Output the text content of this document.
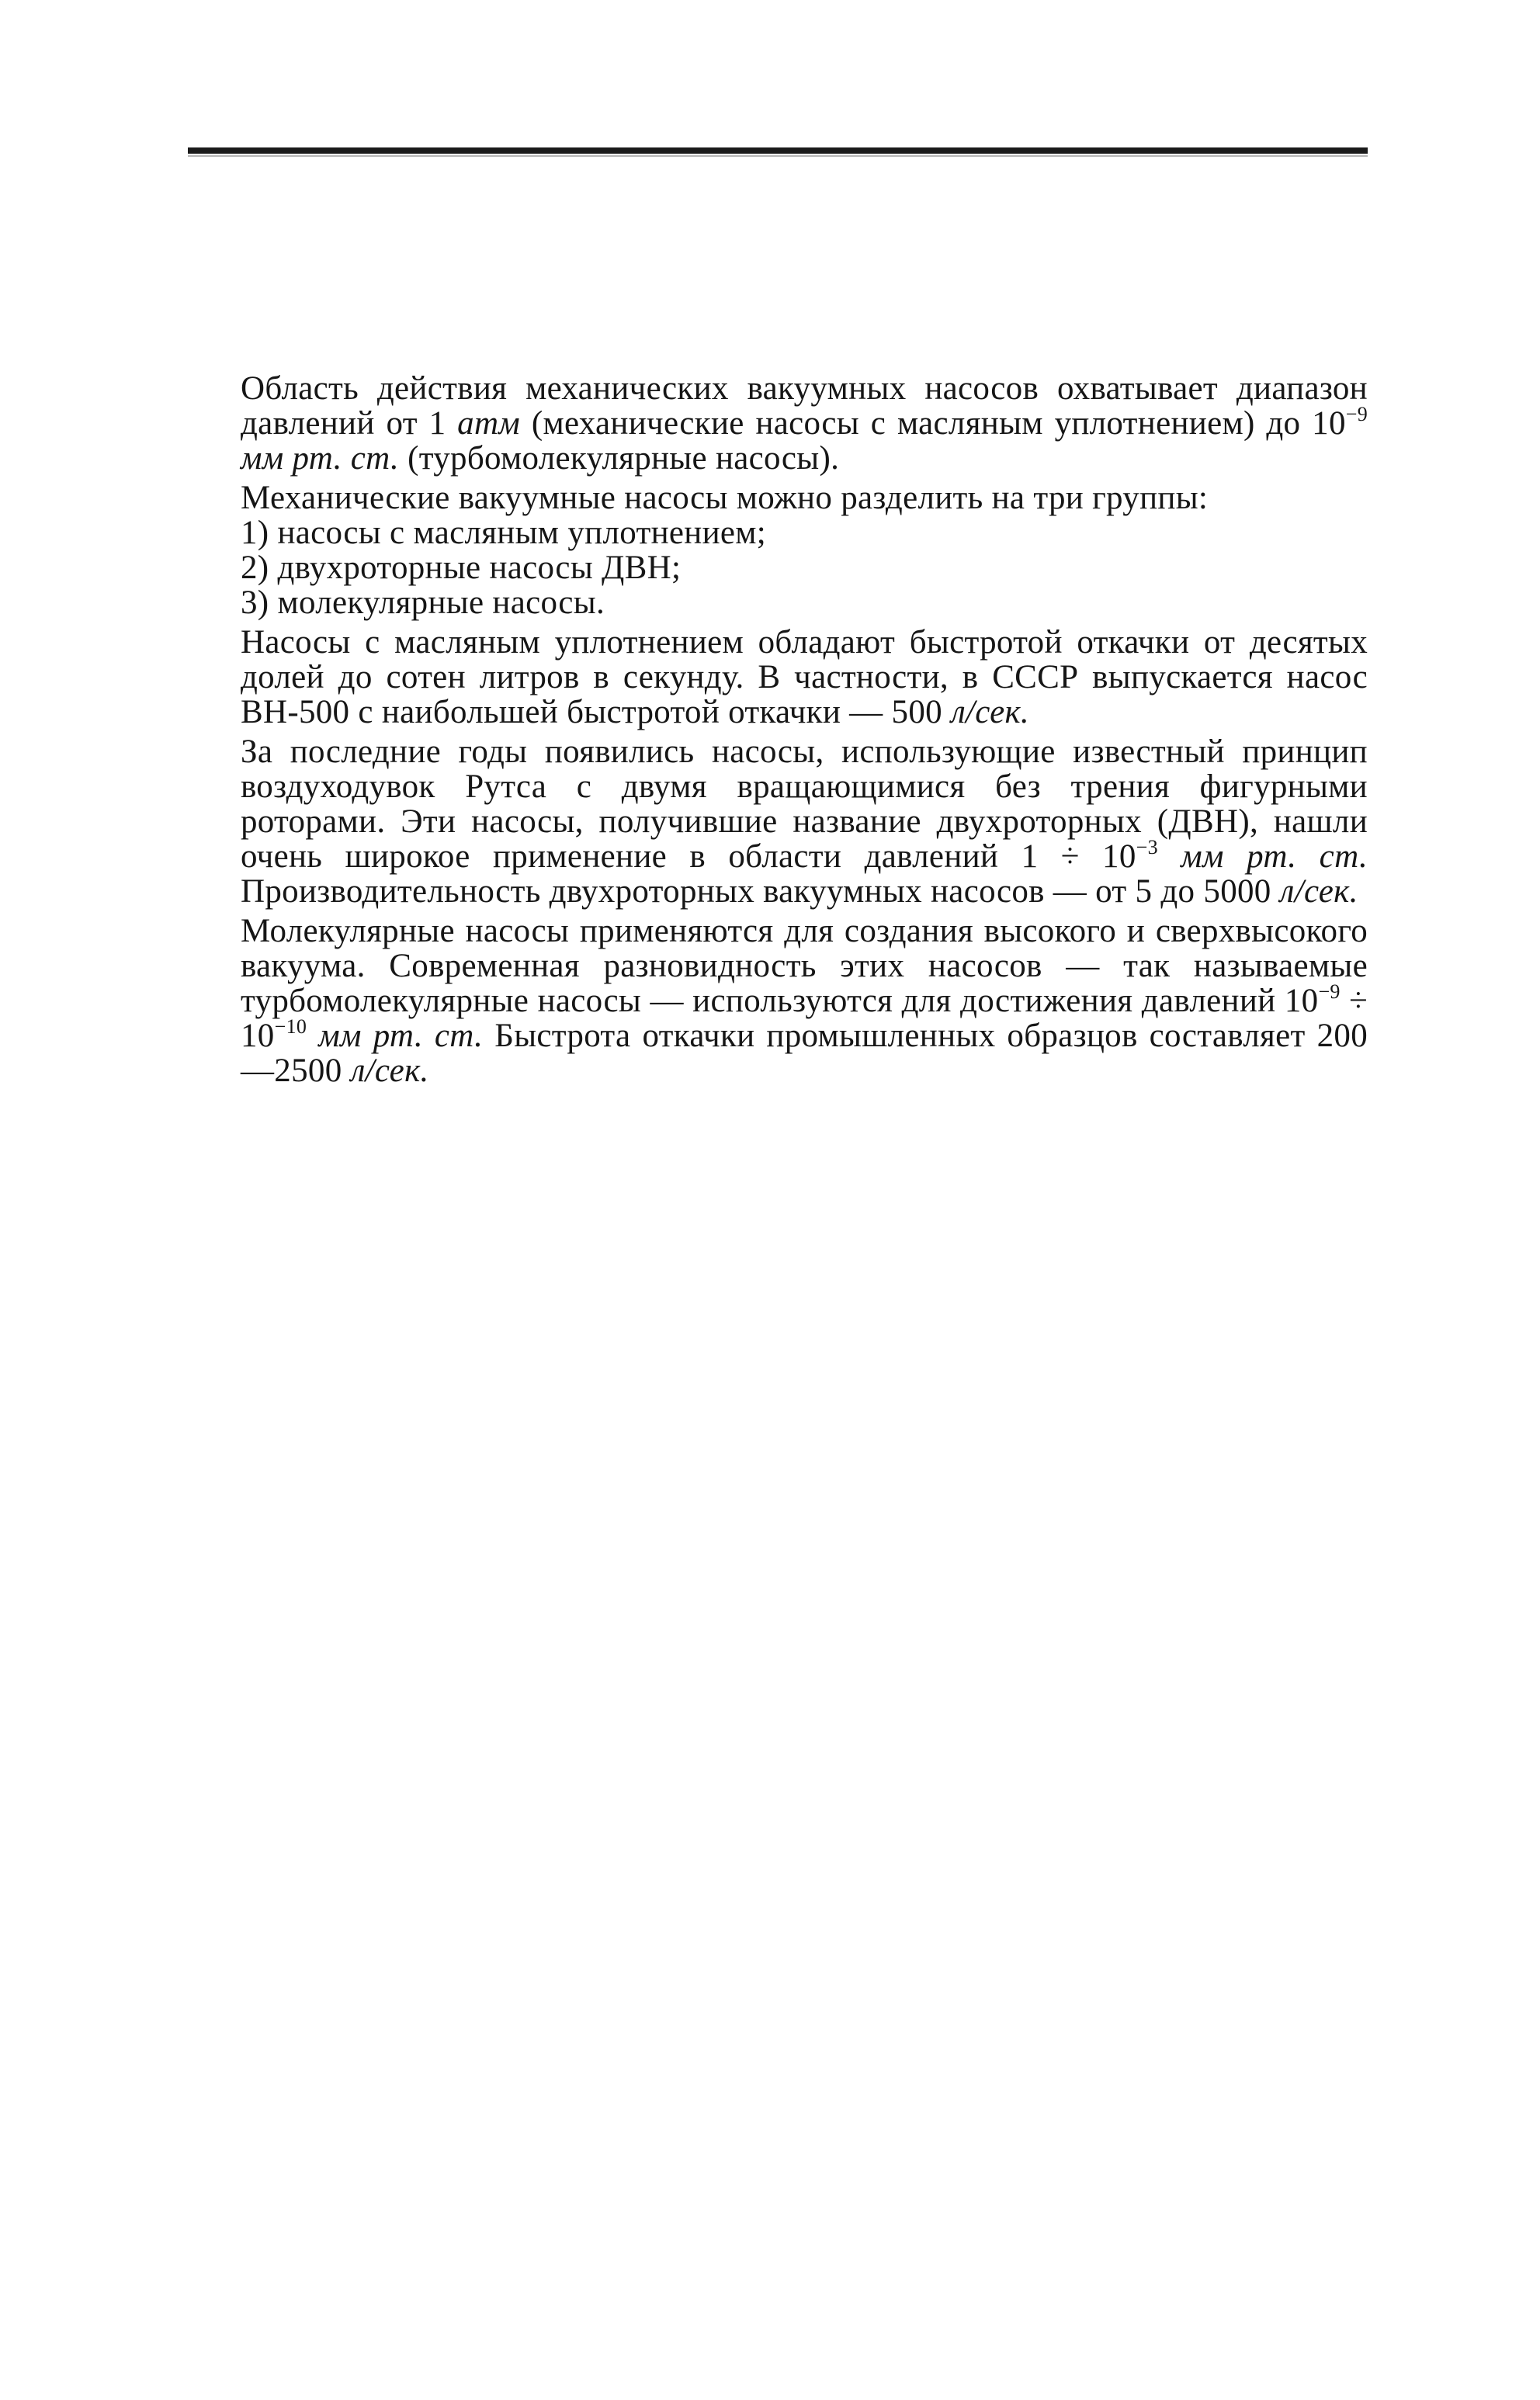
Область действия механических вакуумных насосов охватывает диапазон давлений от 1 атм (механические насосы с масляным уплотнением) до $10^{-9}$ мм рт. ст. (турбомолекулярные насосы).

Механические вакуумные насосы можно разделить на три группы:
1) насосы с масляным уплотнением;
2) двухроторные насосы ДВН;
3) молекулярные насосы.

Насосы с масляным уплотнением обладают быстротой откачки от десятых долей до сотен литров в секунду. В частности, в СССР выпускается насос ВН-500 с наибольшей быстротой откачки — 500 л/сек.

За последние годы появились насосы, использующие известный принцип воздуходувок Рутса с двумя вращающимися без трения фигурными роторами. Эти насосы, получившие название двухроторных (ДВН), нашли очень широкое применение в области давлений $1 \div 10^{-3}$ мм рт. ст. Производительность двухроторных вакуумных насосов — от 5 до 5000 л/сек.

Молекулярные насосы применяются для создания высокого и сверхвысокого вакуума. Современная разновидность этих насосов — так называемые турбомолекулярные насосы — используются для достижения давлений $10^{-9} \div 10^{-10}$ мм рт. ст. Быстрота откачки промышленных образцов составляет 200—2500 л/сек.
